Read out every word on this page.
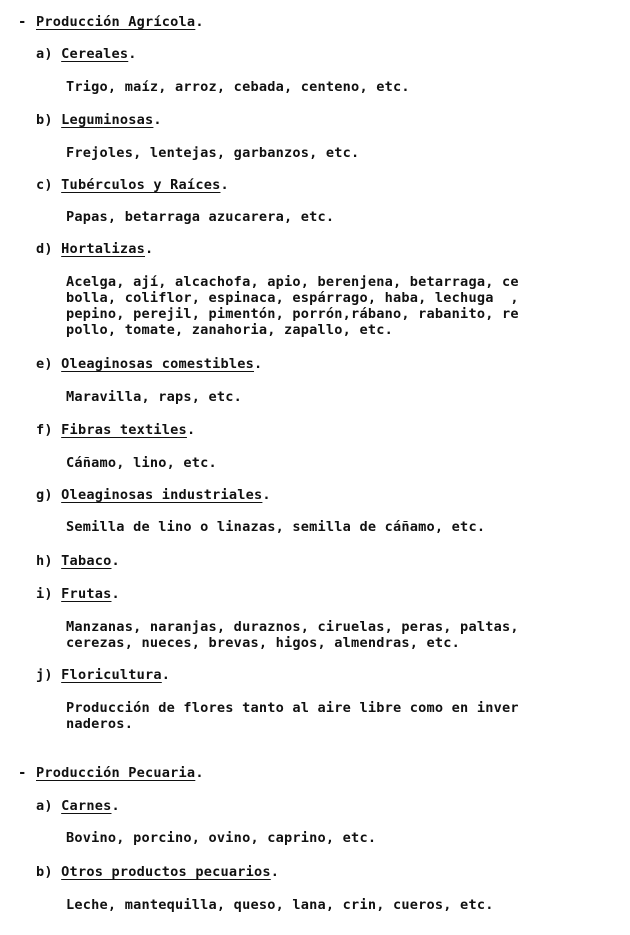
- Producción Agrícola.
a) Cereales.
Trigo, maíz, arroz, cebada, centeno, etc.
b) Leguminosas.
Frejoles, lentejas, garbanzos, etc.
c) Tubérculos y Raíces.
Papas, betarraga azucarera, etc.
d) Hortalizas.
Acelga, ají, alcachofa, apio, berenjena, betarraga, ce
bolla, coliflor, espinaca, espárrago, haba, lechuga  ,
pepino, perejil, pimentón, porrón,rábano, rabanito, re
pollo, tomate, zanahoria, zapallo, etc.
e) Oleaginosas comestibles.
Maravilla, raps, etc.
f) Fibras textiles.
Cáñamo, lino, etc.
g) Oleaginosas industriales.
Semilla de lino o linazas, semilla de cáñamo, etc.
h) Tabaco.
i) Frutas.
Manzanas, naranjas, duraznos, ciruelas, peras, paltas,
cerezas, nueces, brevas, higos, almendras, etc.
j) Floricultura.
Producción de flores tanto al aire libre como en inver
naderos.
- Producción Pecuaria.
a) Carnes.
Bovino, porcino, ovino, caprino, etc.
b) Otros productos pecuarios.
Leche, mantequilla, queso, lana, crin, cueros, etc.
